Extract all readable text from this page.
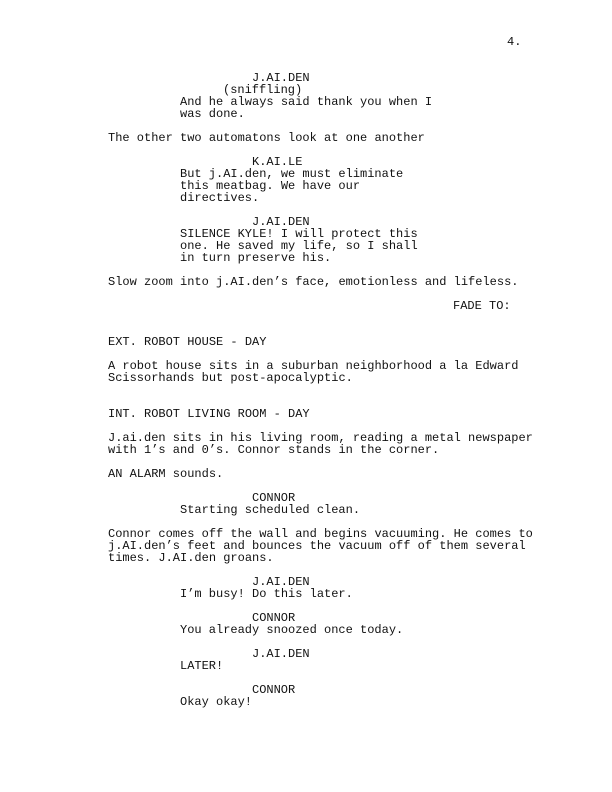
4.
J.AI.DEN
(sniffling)
And he always said thank you when I
was done.
The other two automatons look at one another
K.AI.LE
But j.AI.den, we must eliminate
this meatbag. We have our
directives.
J.AI.DEN
SILENCE KYLE! I will protect this
one. He saved my life, so I shall
in turn preserve his.
Slow zoom into j.AI.den’s face, emotionless and lifeless.
FADE TO:
EXT. ROBOT HOUSE - DAY
A robot house sits in a suburban neighborhood a la Edward
Scissorhands but post-apocalyptic.
INT. ROBOT LIVING ROOM - DAY
J.ai.den sits in his living room, reading a metal newspaper
with 1’s and 0’s. Connor stands in the corner.
AN ALARM sounds.
CONNOR
Starting scheduled clean.
Connor comes off the wall and begins vacuuming. He comes to
j.AI.den’s feet and bounces the vacuum off of them several
times. J.AI.den groans.
J.AI.DEN
I’m busy! Do this later.
CONNOR
You already snoozed once today.
J.AI.DEN
LATER!
CONNOR
Okay okay!
